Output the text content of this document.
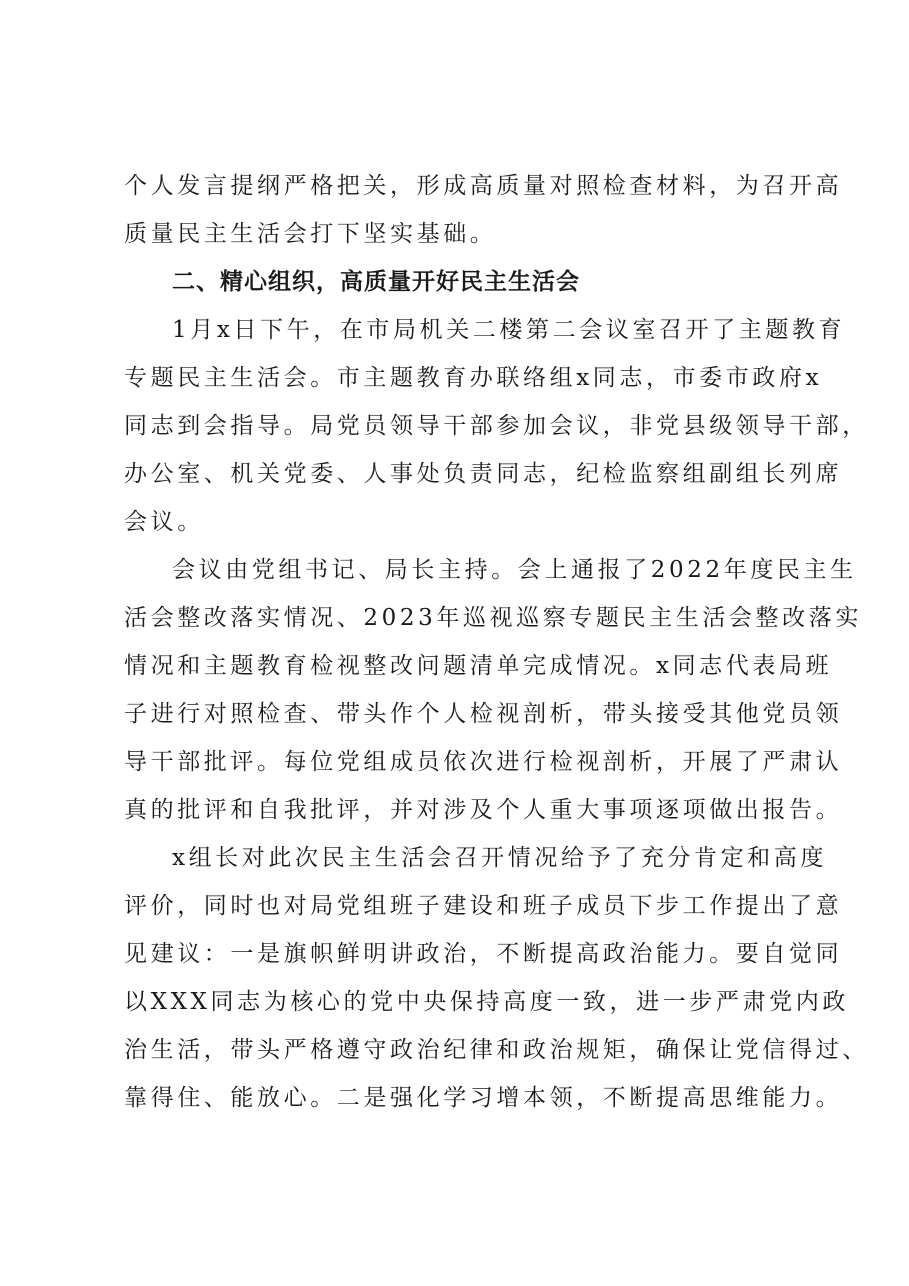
个人发言提纲严格把关，形成高质量对照检查材料，为召开高
质量民主生活会打下坚实基础。
二、精心组织，高质量开好民主生活会
1月x日下午，在市局机关二楼第二会议室召开了主题教育
专题民主生活会。市主题教育办联络组x同志，市委市政府x
同志到会指导。局党员领导干部参加会议，非党县级领导干部，
办公室、机关党委、人事处负责同志，纪检监察组副组长列席
会议。
会议由党组书记、局长主持。会上通报了2022年度民主生
活会整改落实情况、2023年巡视巡察专题民主生活会整改落实
情况和主题教育检视整改问题清单完成情况。x同志代表局班
子进行对照检查、带头作个人检视剖析，带头接受其他党员领
导干部批评。每位党组成员依次进行检视剖析，开展了严肃认
真的批评和自我批评，并对涉及个人重大事项逐项做出报告。
x组长对此次民主生活会召开情况给予了充分肯定和高度
评价，同时也对局党组班子建设和班子成员下步工作提出了意
见建议：一是旗帜鲜明讲政治，不断提高政治能力。要自觉同
以XXX同志为核心的党中央保持高度一致，进一步严肃党内政
治生活，带头严格遵守政治纪律和政治规矩，确保让党信得过、
靠得住、能放心。二是强化学习增本领，不断提高思维能力。
